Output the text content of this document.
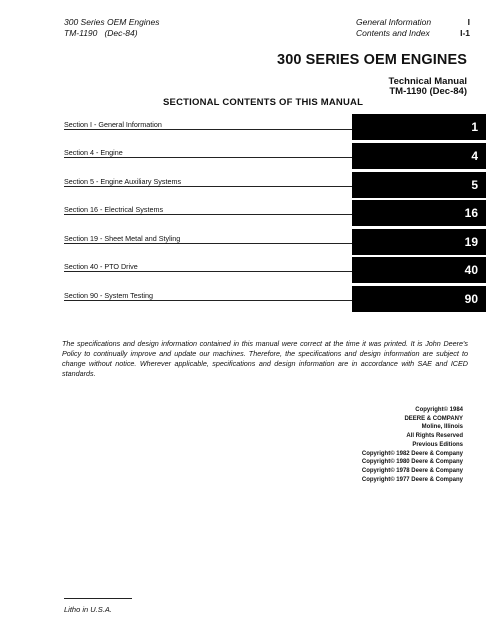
300 Series OEM Engines
TM-1190   (Dec-84)
General Information
Contents and Index
I
I-1
300 SERIES OEM ENGINES
Technical Manual
TM-1190 (Dec-84)
SECTIONAL CONTENTS OF THIS MANUAL
Section I - General Information	1
Section 4 - Engine	4
Section 5 - Engine Auxiliary Systems	5
Section 16 - Electrical Systems	16
Section 19 - Sheet Metal and Styling	19
Section 40 - PTO Drive	40
Section 90 - System Testing	90
The specifications and design information contained in this manual were correct at the time it was printed. It is John Deere's Policy to continually improve and update our machines. Therefore, the specifications and design information are subject to change without notice. Wherever applicable, specifications and design information are in accordance with SAE and ICED standards.
Copyright© 1984
DEERE & COMPANY
Moline, Illinois
All Rights Reserved
Previous Editions
Copyright© 1982 Deere & Company
Copyright© 1980 Deere & Company
Copyright© 1978 Deere & Company
Copyright© 1977 Deere & Company
Litho in U.S.A.
